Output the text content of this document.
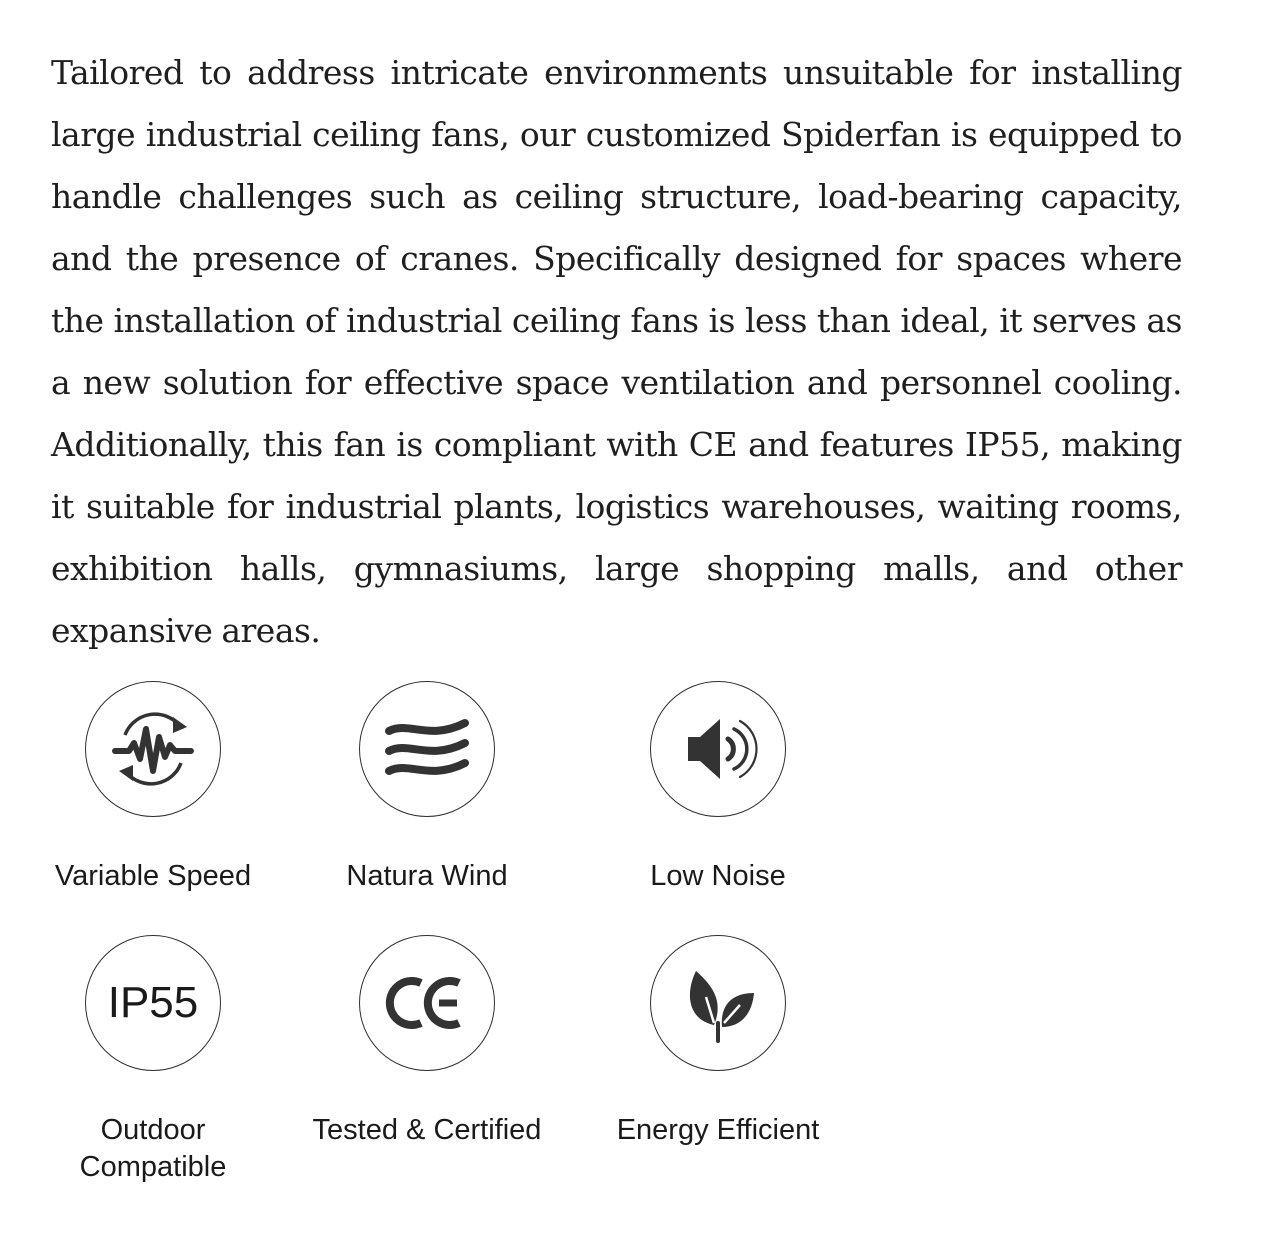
Tailored to address intricate environments unsuitable for installing large industrial ceiling fans, our customized Spiderfan is equipped to handle challenges such as ceiling structure, load-bearing capacity, and the presence of cranes. Specifically designed for spaces where the installation of industrial ceiling fans is less than ideal, it serves as a new solution for effective space ventilation and personnel cooling. Additionally, this fan is compliant with CE and features IP55, making it suitable for industrial plants, logistics warehouses, waiting rooms, exhibition halls, gymnasiums, large shopping malls, and other expansive areas.

Variable Speed	Natura Wind	Low Noise
IP55
Outdoor
Compatible
Tested & Certified	Energy Efficient
